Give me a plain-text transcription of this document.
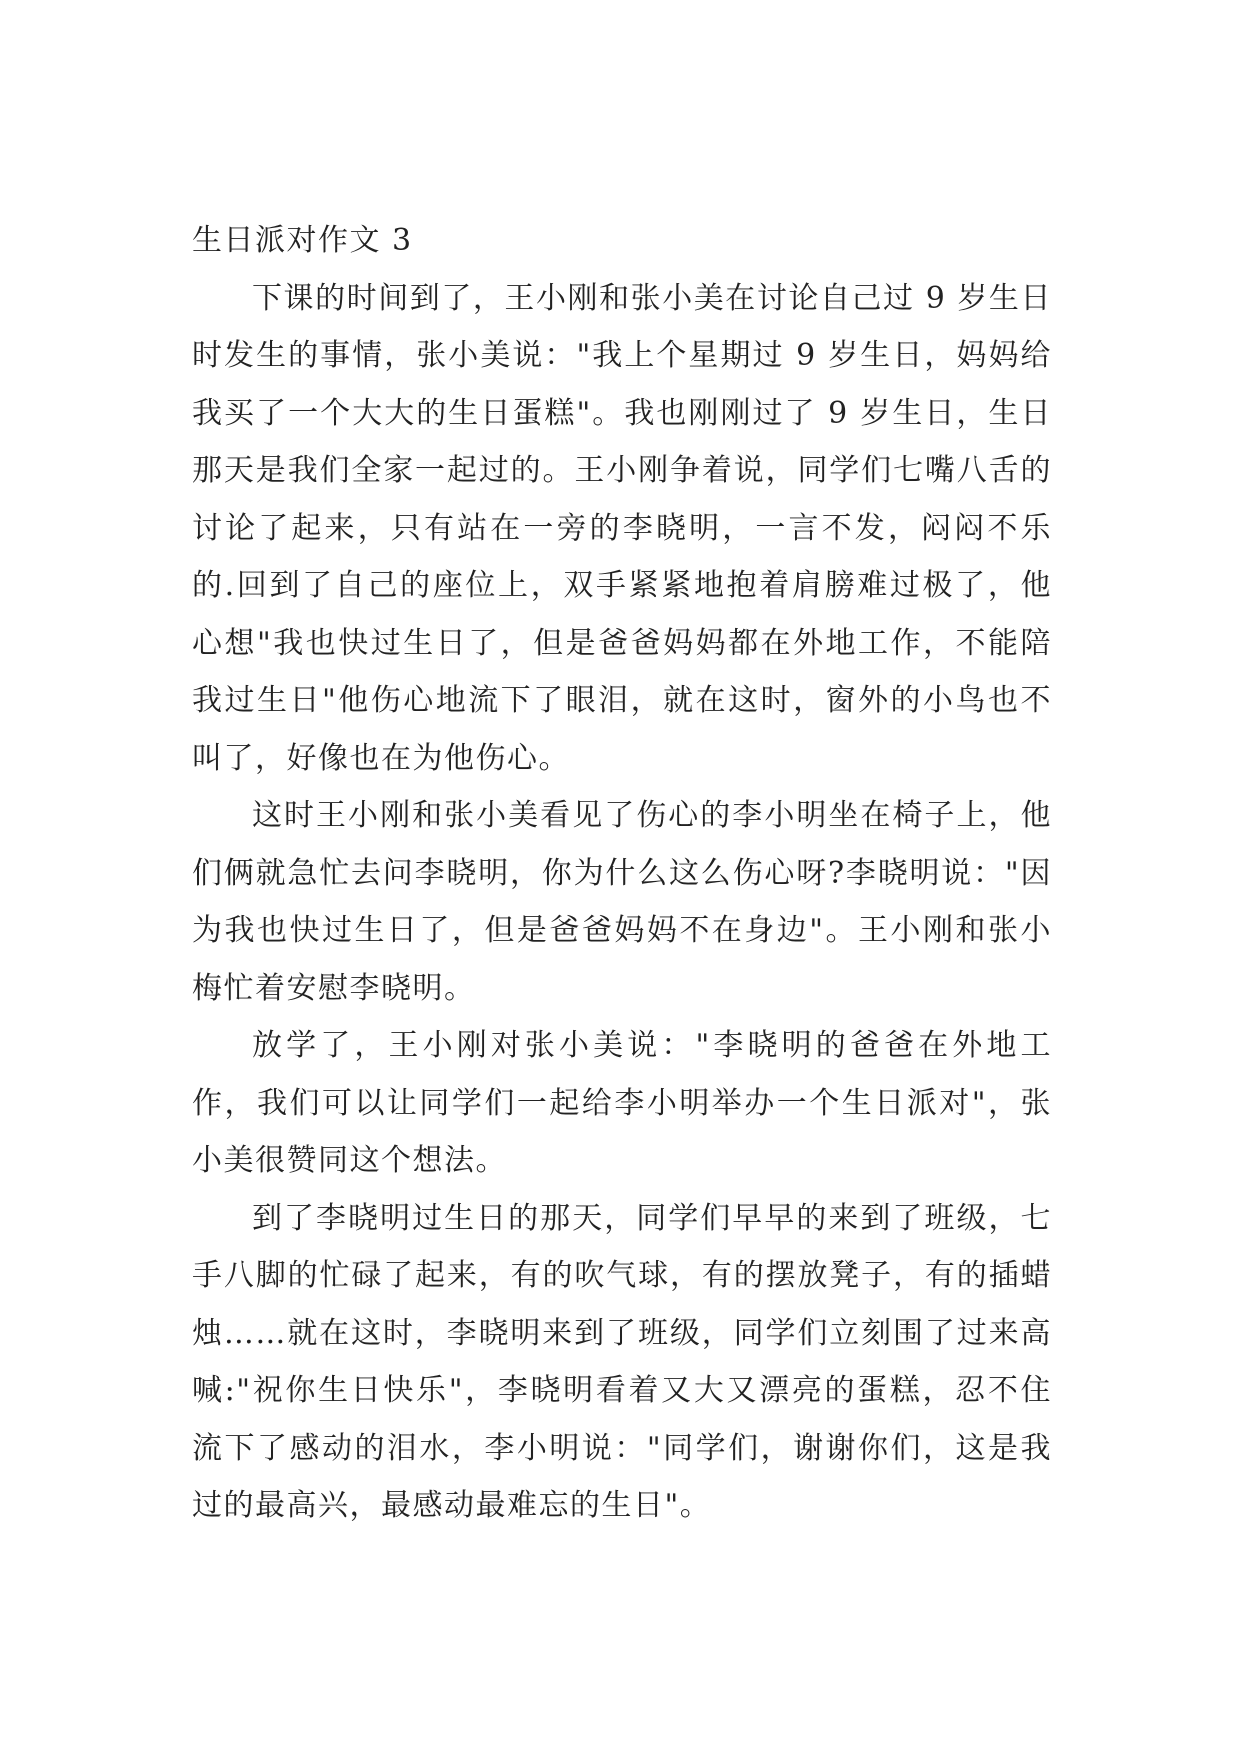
生日派对作文 3

下课的时间到了，王小刚和张小美在讨论自己过 9 岁生日时发生的事情，张小美说："我上个星期过 9 岁生日，妈妈给我买了一个大大的生日蛋糕"。我也刚刚过了 9 岁生日，生日那天是我们全家一起过的。王小刚争着说，同学们七嘴八舌的讨论了起来，只有站在一旁的李晓明，一言不发，闷闷不乐的.回到了自己的座位上，双手紧紧地抱着肩膀难过极了，他心想"我也快过生日了，但是爸爸妈妈都在外地工作，不能陪我过生日"他伤心地流下了眼泪，就在这时，窗外的小鸟也不叫了，好像也在为他伤心。

这时王小刚和张小美看见了伤心的李小明坐在椅子上，他们俩就急忙去问李晓明，你为什么这么伤心呀?李晓明说："因为我也快过生日了，但是爸爸妈妈不在身边"。王小刚和张小梅忙着安慰李晓明。

放学了，王小刚对张小美说："李晓明的爸爸在外地工作，我们可以让同学们一起给李小明举办一个生日派对"，张小美很赞同这个想法。

到了李晓明过生日的那天，同学们早早的来到了班级，七手八脚的忙碌了起来，有的吹气球，有的摆放凳子，有的插蜡烛……就在这时，李晓明来到了班级，同学们立刻围了过来高喊:"祝你生日快乐"，李晓明看着又大又漂亮的蛋糕，忍不住流下了感动的泪水，李小明说："同学们，谢谢你们，这是我过的最高兴，最感动最难忘的生日"。
